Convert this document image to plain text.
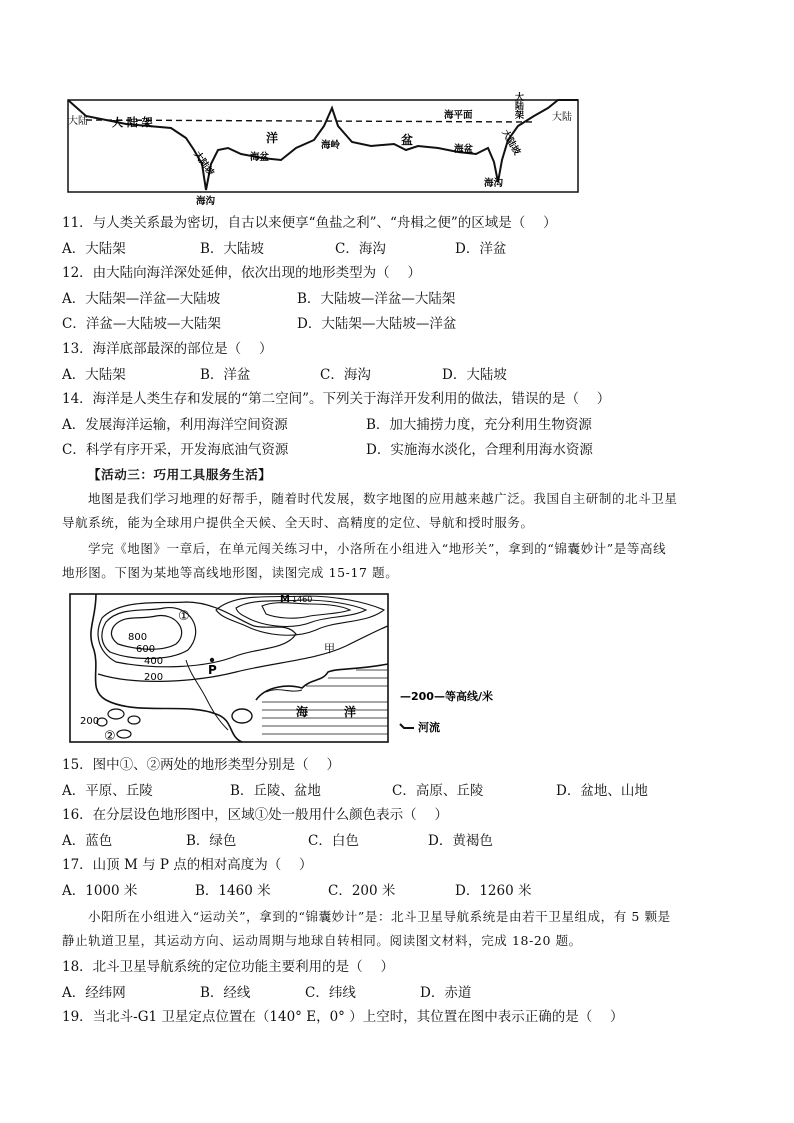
大陆 大 陆 架
大陆坡
洋	盆
海盆
海盆
海岭
海平面	大陆架
大陆坡
大陆
海沟
海沟
11．与人类关系最为密切，自古以来便享“鱼盐之利”、“舟楫之便”的区域是（　 ）
A．大陆架	B．大陆坡	C．海沟	D．洋盆
12．由大陆向海洋深处延伸，依次出现的地形类型为（　 ）
A．大陆架—洋盆—大陆坡	B．大陆坡—洋盆—大陆架
C．洋盆—大陆坡—大陆架	D．大陆架—大陆坡—洋盆
13．海洋底部最深的部位是（　 ）
A．大陆架	B．洋盆	C．海沟	D．大陆坡
14．海洋是人类生存和发展的“第二空间”。下列关于海洋开发利用的做法，错误的是（　 ）
A．发展海洋运输，利用海洋空间资源	B．加大捕捞力度，充分利用生物资源
C．科学有序开采，开发海底油气资源	D．实施海水淡化，合理利用海水资源
【活动三：巧用工具服务生活】
地图是我们学习地理的好帮手，随着时代发展，数字地图的应用越来越广泛。我国自主研制的北斗卫星
导航系统，能为全球用户提供全天候、全天时、高精度的定位、导航和授时服务。
学完《地图》一章后，在单元闯关练习中，小洛所在小组进入“地形关”，拿到的“锦囊妙计”是等高线
地形图。下图为某地等高线地形图，读图完成 15-17 题。
①
②
M 1460
800
600
400
200
200
P
甲
海	洋
—200—等高线/米
河流
15．图中①、②两处的地形类型分别是（　 ）
A．平原、丘陵	B．丘陵、盆地	C．高原、丘陵	D．盆地、山地
16．在分层设色地形图中，区域①处一般用什么颜色表示（　 ）
A．蓝色	B．绿色	C．白色	D．黄褐色
17．山顶 M 与 P 点的相对高度为（　 ）
A．1000 米	B．1460 米	C．200 米	D．1260 米
小阳所在小组进入“运动关”，拿到的“锦囊妙计”是：北斗卫星导航系统是由若干卫星组成，有 5 颗是
静止轨道卫星，其运动方向、运动周期与地球自转相同。阅读图文材料，完成 18-20 题。
18．北斗卫星导航系统的定位功能主要利用的是（　 ）
A．经纬网	B．经线	C．纬线	D．赤道
19．当北斗-G1 卫星定点位置在（140° E，0° ）上空时，其位置在图中表示正确的是（　 ）
